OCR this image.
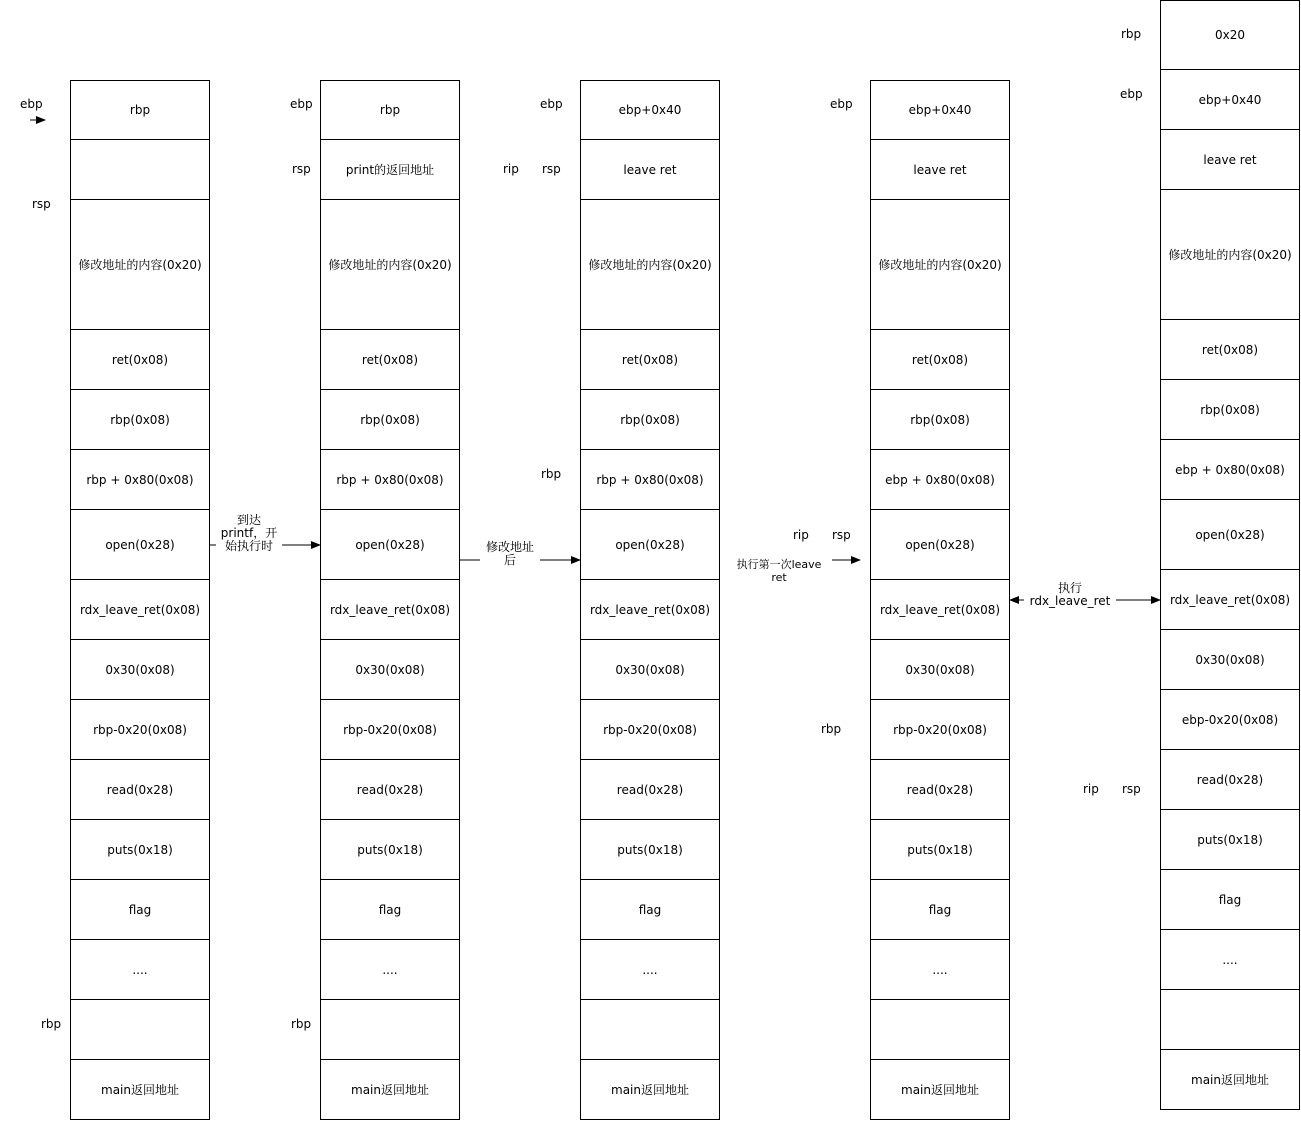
rbp
修改地址的内容(0x20)
ret(0x08)
rbp(0x08)
rbp + 0x80(0x08)
open(0x28)
rdx_leave_ret(0x08)
0x30(0x08)
rbp-0x20(0x08)
read(0x28)
puts(0x18)
flag
....
main返回地址
ebp
rsp
rbp
rbp
print的返回地址
修改地址的内容(0x20)
ret(0x08)
rbp(0x08)
rbp + 0x80(0x08)
open(0x28)
rdx_leave_ret(0x08)
0x30(0x08)
rbp-0x20(0x08)
read(0x28)
puts(0x18)
flag
....
main返回地址
ebp
rsp
rbp
ebp+0x40
leave ret
修改地址的内容(0x20)
ret(0x08)
rbp(0x08)
rbp + 0x80(0x08)
open(0x28)
rdx_leave_ret(0x08)
0x30(0x08)
rbp-0x20(0x08)
read(0x28)
puts(0x18)
flag
....
main返回地址
ebp
rip rsp
rbp
ebp+0x40
leave ret
修改地址的内容(0x20)
ret(0x08)
rbp(0x08)
ebp + 0x80(0x08)
open(0x28)
rdx_leave_ret(0x08)
0x30(0x08)
rbp-0x20(0x08)
read(0x28)
puts(0x18)
flag
....
main返回地址
ebp
rip rsp
rbp
0x20
ebp+0x40
leave ret
修改地址的内容(0x20)
ret(0x08)
rbp(0x08)
ebp + 0x80(0x08)
open(0x28)
rdx_leave_ret(0x08)
0x30(0x08)
ebp-0x20(0x08)
read(0x28)
puts(0x18)
flag
....
main返回地址
rbp
ebp
rip rsp
到达
printf，开
始执行时	修改地址
后	执行第一次leave ret
执行
rdx_leave_ret
